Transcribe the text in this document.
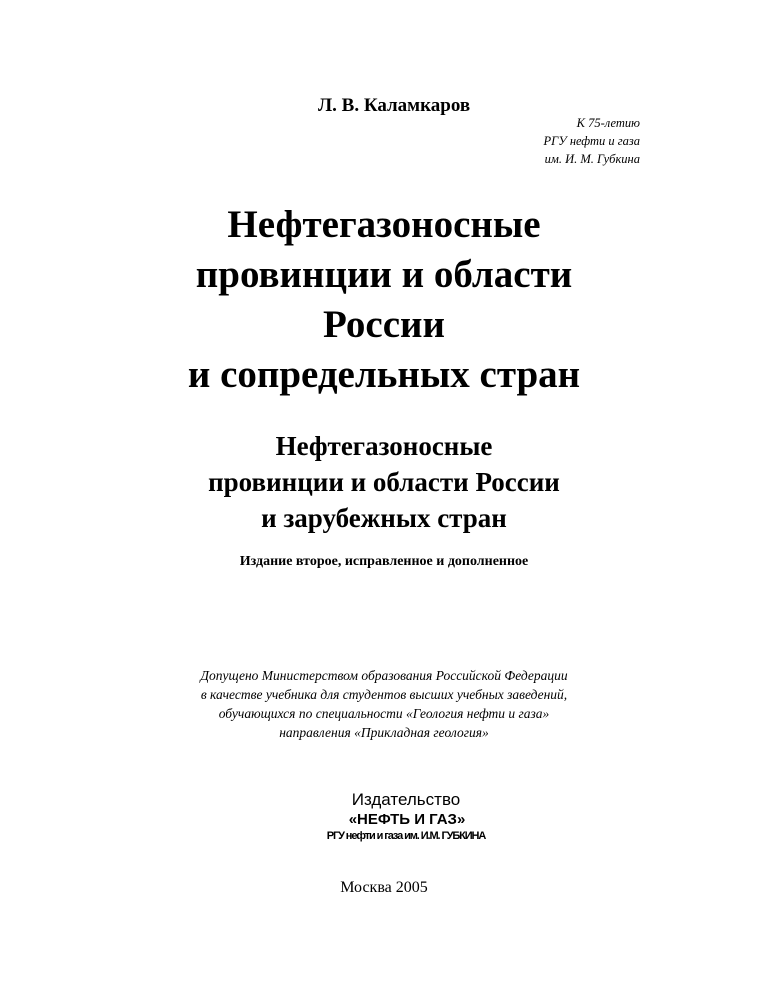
Л. В. Каламкаров
К 75-летию
РГУ нефти и газа
им. И. М. Губкина
Нефтегазоносные
провинции и области
России
и сопредельных стран
Нефтегазоносные
провинции и области России
и зарубежных стран
Издание второе, исправленное и дополненное
Допущено Министерством образования Российской Федерации
в качестве учебника для студентов высших учебных заведений,
обучающихся по специальности «Геология нефти и газа»
направления «Прикладная геология»
Издательство
«НЕФТЬ И ГАЗ»
РГУ нефти и газа им. И.М. ГУБКИНА
Москва 2005
